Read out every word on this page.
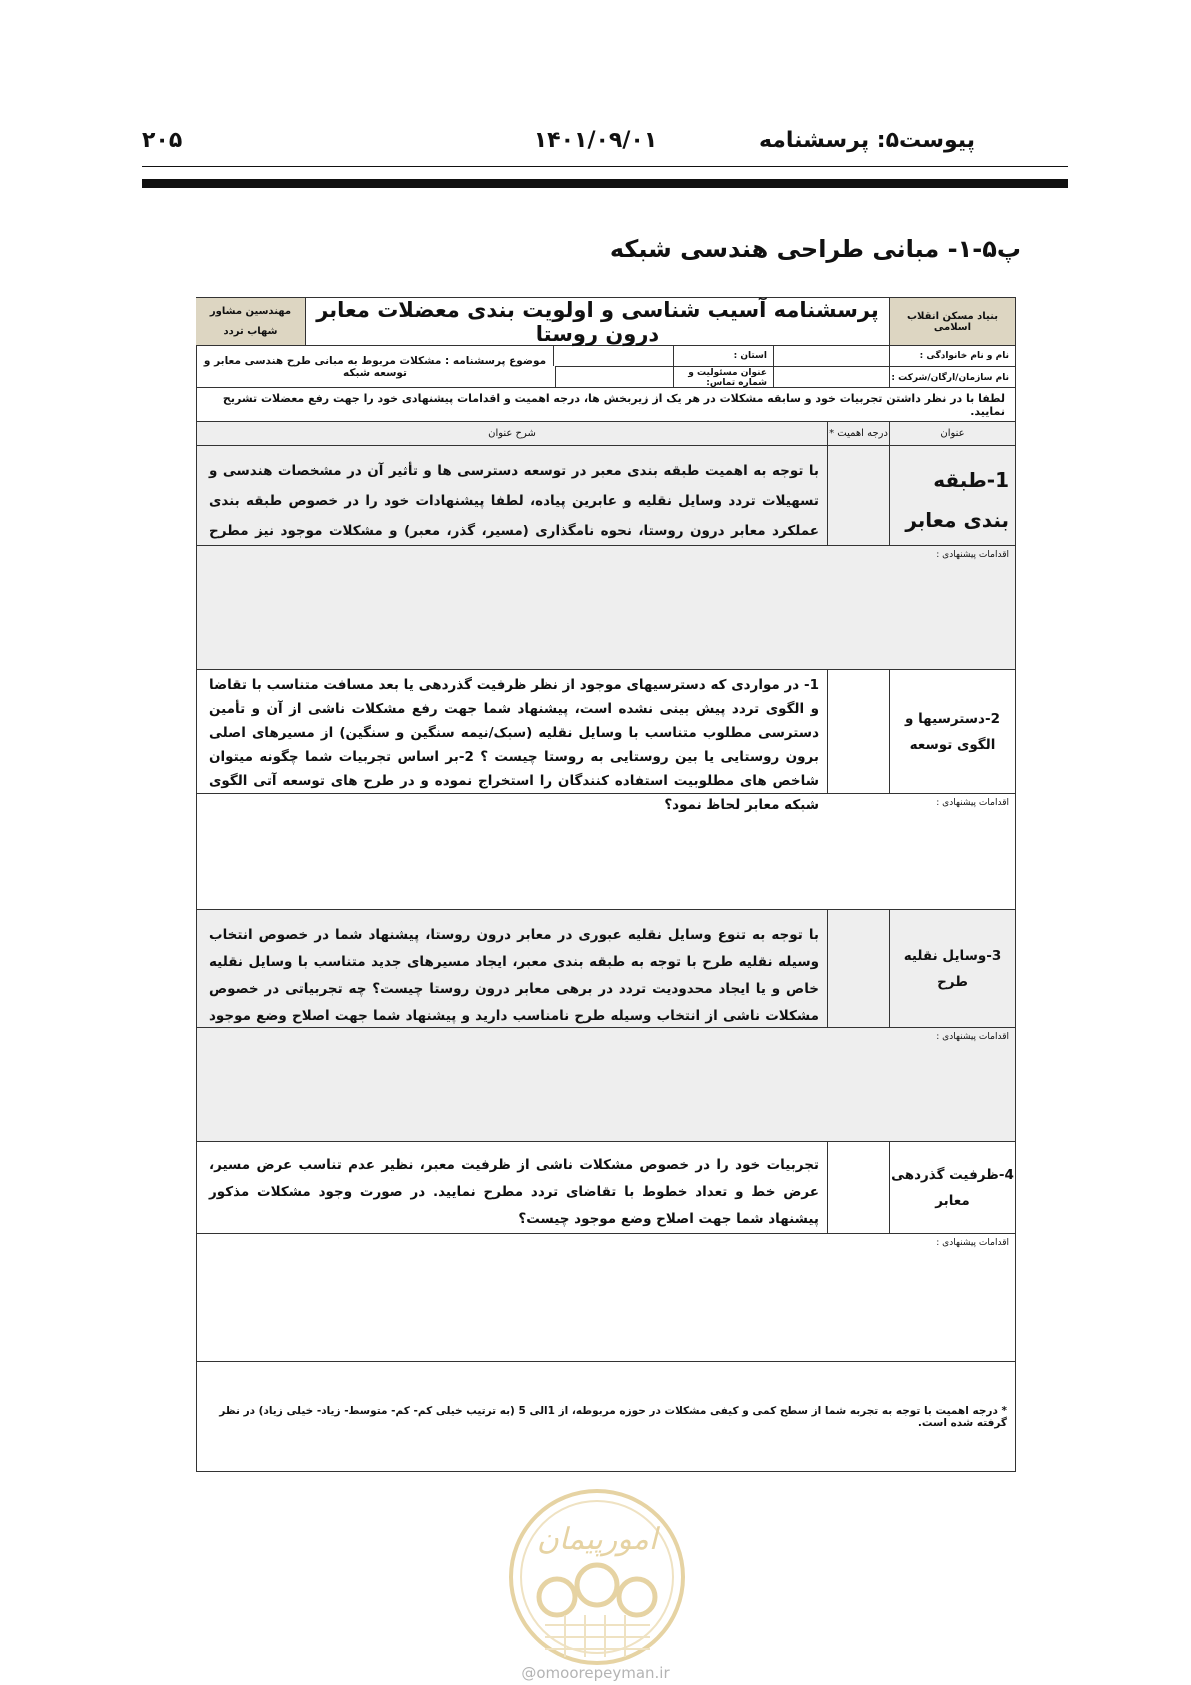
پیوست۵: پرسشنامه
۱۴۰۱/۰۹/۰۱
۲۰۵
پ۵-۱- مبانی طراحی هندسی شبکه
بنیاد مسکن انقلاب اسلامی
پرسشنامه آسیب شناسی و اولویت بندی معضلات معابر درون روستا
مهندسین مشاور
شهاب تردد
نام و نام خانوادگی :
استان :
نام سازمان/ارگان/شرکت :
عنوان مسئولیت و شماره تماس:
موضوع پرسشنامه : مشکلات مربوط به مبانی طرح هندسی معابر و توسعه شبکه
لطفا با در نظر داشتن تجربیات خود و سابقه مشکلات در هر یک از زیربخش ها، درجه اهمیت و اقدامات پیشنهادی خود را جهت رفع معضلات تشریح نمایید.
عنوان
درجه اهمیت *
شرح عنوان
1-طبقه بندی معابر
با توجه به اهمیت طبقه بندی معبر در توسعه دسترسی ها و تأثیر آن در مشخصات هندسی و تسهیلات تردد وسایل نقلیه و عابرین پیاده، لطفا پیشنهادات خود را در خصوص طبقه بندی عملکرد معابر درون روستا، نحوه نامگذاری (مسیر، گذر، معبر) و مشکلات موجود نیز مطرح
اقدامات پیشنهادی :
2-دسترسیها و الگوی توسعه
1- در مواردی که دسترسیهای موجود از نظر ظرفیت گذردهی یا بعد مسافت متناسب با تقاضا و الگوی تردد پیش بینی نشده است، پیشنهاد شما جهت رفع مشکلات ناشی از آن و تأمین دسترسی مطلوب متناسب با وسایل نقلیه (سبک/نیمه سنگین و سنگین) از مسیرهای اصلی برون روستایی یا بین روستایی به روستا چیست ؟ 2-بر اساس تجربیات شما چگونه میتوان شاخص های مطلوبیت استفاده کنندگان را استخراج نموده و در طرح های توسعه آتی الگوی شبکه معابر لحاظ نمود؟	اقدامات پیشنهادی :
3-وسایل نقلیه طرح
با توجه به تنوع وسایل نقلیه عبوری در معابر درون روستا، پیشنهاد شما در خصوص انتخاب وسیله نقلیه طرح با توجه به طبقه بندی معبر، ایجاد مسیرهای جدید متناسب با وسایل نقلیه خاص و یا ایجاد محدودیت تردد در برهی معابر درون روستا چیست؟ چه تجربیاتی در خصوص مشکلات ناشی از انتخاب وسیله طرح نامناسب دارید و پیشنهاد شما جهت اصلاح وضع موجود
اقدامات پیشنهادی :
4-ظرفیت گذردهی معابر
تجربیات خود را در خصوص مشکلات ناشی از ظرفیت معبر، نظیر عدم تناسب عرض مسیر، عرض خط و تعداد خطوط با تقاضای تردد مطرح نمایید. در صورت وجود مشکلات مذکور پیشنهاد شما جهت اصلاح وضع موجود چیست؟
اقدامات پیشنهادی :
* درجه اهمیت با توجه به تجربه شما از سطح کمی و کیفی مشکلات در حوزه مربوطه، از 1الی 5 (به ترتیب خیلی کم- کم- متوسط- زیاد- خیلی زیاد) در نظر گرفته شده است.
امورپیمان
@omoorepeyman.ir
